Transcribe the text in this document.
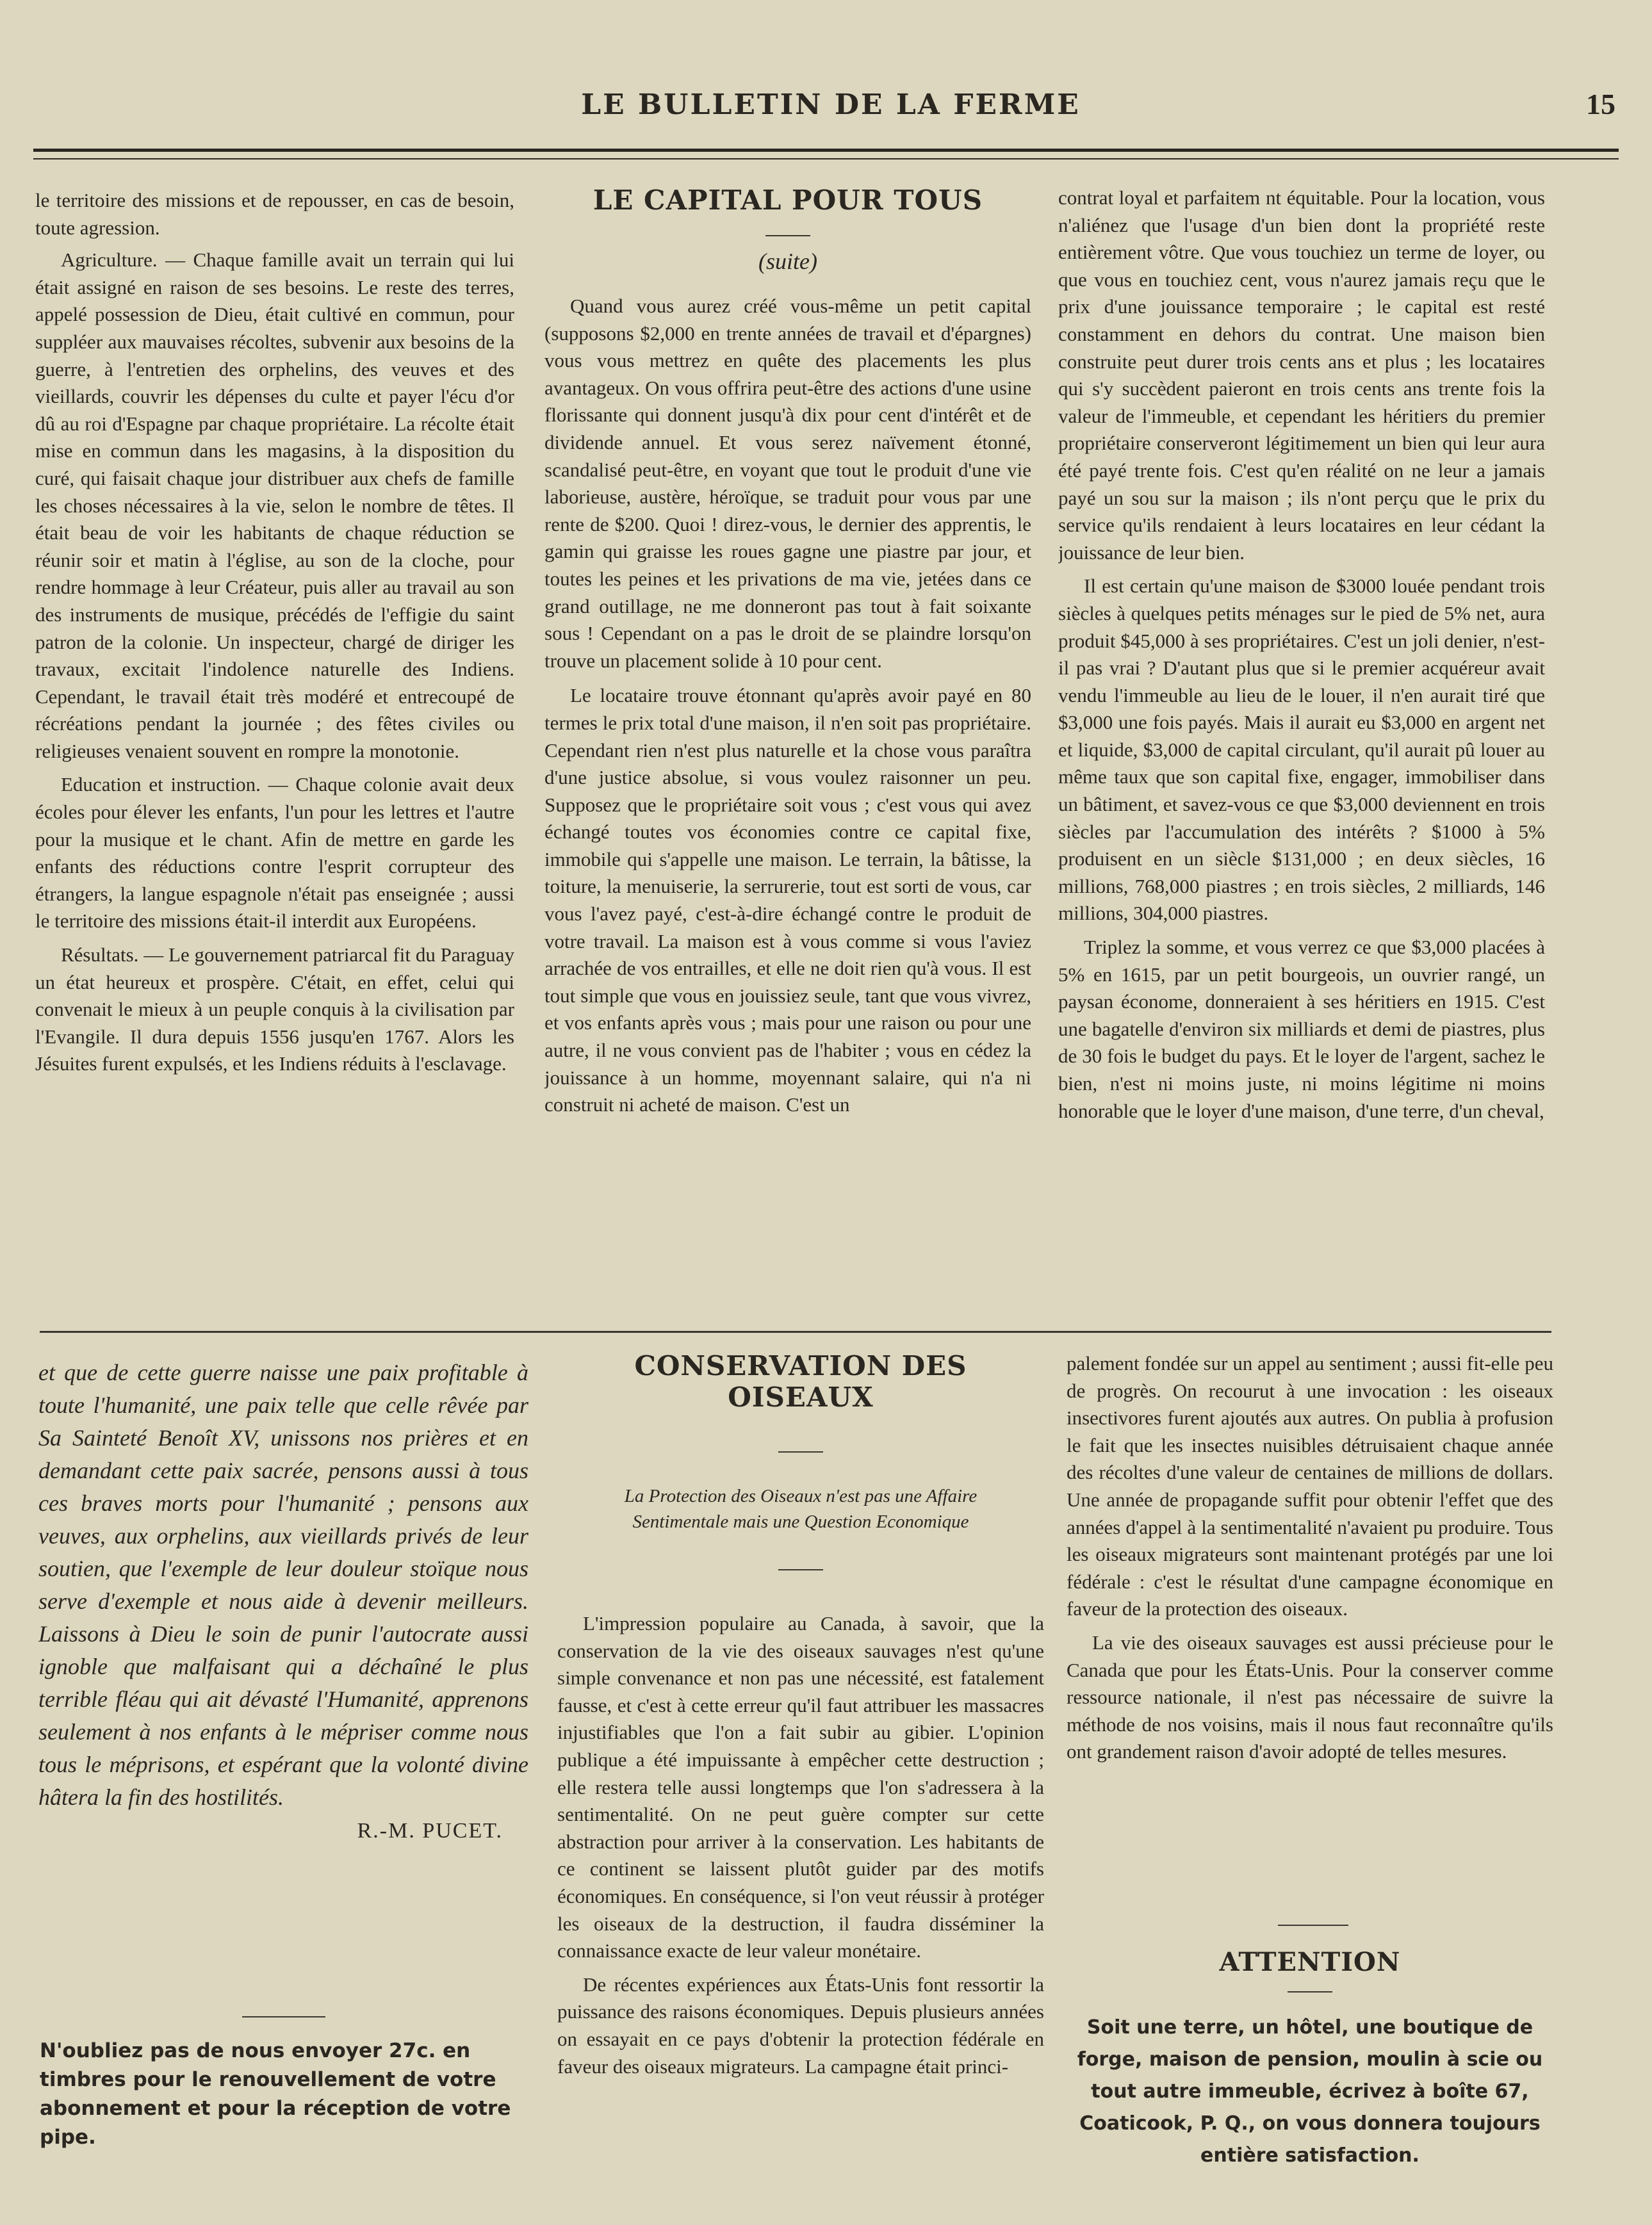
LE BULLETIN DE LA FERME	15

le territoire des missions et de repousser, en cas de besoin, toute agression.

Agriculture. — Chaque famille avait un terrain qui lui était assigné en raison de ses besoins. Le reste des terres, appelé possession de Dieu, était cultivé en commun, pour suppléer aux mauvaises récoltes, subvenir aux besoins de la guerre, à l'entretien des orphelins, des veuves et des vieillards, couvrir les dépenses du culte et payer l'écu d'or dû au roi d'Espagne par chaque propriétaire. La récolte était mise en commun dans les magasins, à la disposition du curé, qui faisait chaque jour distribuer aux chefs de famille les choses nécessaires à la vie, selon le nombre de têtes. Il était beau de voir les habitants de chaque réduction se réunir soir et matin à l'église, au son de la cloche, pour rendre hommage à leur Créateur, puis aller au travail au son des instruments de musique, précédés de l'effigie du saint patron de la colonie. Un inspecteur, chargé de diriger les travaux, excitait l'indolence naturelle des Indiens. Cependant, le travail était très modéré et entrecoupé de récréations pendant la journée ; des fêtes civiles ou religieuses venaient souvent en rompre la monotonie.

Education et instruction. — Chaque colonie avait deux écoles pour élever les enfants, l'un pour les lettres et l'autre pour la musique et le chant. Afin de mettre en garde les enfants des réductions contre l'esprit corrupteur des étrangers, la langue espagnole n'était pas enseignée ; aussi le territoire des missions était-il interdit aux Européens.

Résultats. — Le gouvernement patriarcal fit du Paraguay un état heureux et prospère. C'était, en effet, celui qui convenait le mieux à un peuple conquis à la civilisation par l'Evangile. Il dura depuis 1556 jusqu'en 1767. Alors les Jésuites furent expulsés, et les Indiens réduits à l'esclavage.

LE CAPITAL POUR TOUS
(suite)

Quand vous aurez créé vous-même un petit capital (supposons $2,000 en trente années de travail et d'épargnes) vous vous mettrez en quête des placements les plus avantageux. On vous offrira peut-être des actions d'une usine florissante qui donnent jusqu'à dix pour cent d'intérêt et de dividende annuel. Et vous serez naïvement étonné, scandalisé peut-être, en voyant que tout le produit d'une vie laborieuse, austère, héroïque, se traduit pour vous par une rente de $200. Quoi ! direz-vous, le dernier des apprentis, le gamin qui graisse les roues gagne une piastre par jour, et toutes les peines et les privations de ma vie, jetées dans ce grand outillage, ne me donneront pas tout à fait soixante sous ! Cependant on a pas le droit de se plaindre lorsqu'on trouve un placement solide à 10 pour cent.

Le locataire trouve étonnant qu'après avoir payé en 80 termes le prix total d'une maison, il n'en soit pas propriétaire. Cependant rien n'est plus naturelle et la chose vous paraîtra d'une justice absolue, si vous voulez raisonner un peu. Supposez que le propriétaire soit vous ; c'est vous qui avez échangé toutes vos économies contre ce capital fixe, immobile qui s'appelle une maison. Le terrain, la bâtisse, la toiture, la menuiserie, la serrurerie, tout est sorti de vous, car vous l'avez payé, c'est-à-dire échangé contre le produit de votre travail. La maison est à vous comme si vous l'aviez arrachée de vos entrailles, et elle ne doit rien qu'à vous. Il est tout simple que vous en jouissiez seule, tant que vous vivrez, et vos enfants après vous ; mais pour une raison ou pour une autre, il ne vous convient pas de l'habiter ; vous en cédez la jouissance à un homme, moyennant salaire, qui n'a ni construit ni acheté de maison. C'est un

contrat loyal et parfaitem nt équitable. Pour la location, vous n'aliénez que l'usage d'un bien dont la propriété reste entièrement vôtre. Que vous touchiez un terme de loyer, ou que vous en touchiez cent, vous n'aurez jamais reçu que le prix d'une jouissance temporaire ; le capital est resté constamment en dehors du contrat. Une maison bien construite peut durer trois cents ans et plus ; les locataires qui s'y succèdent paieront en trois cents ans trente fois la valeur de l'immeuble, et cependant les héritiers du premier propriétaire conserveront légitimement un bien qui leur aura été payé trente fois. C'est qu'en réalité on ne leur a jamais payé un sou sur la maison ; ils n'ont perçu que le prix du service qu'ils rendaient à leurs locataires en leur cédant la jouissance de leur bien.

Il est certain qu'une maison de $3000 louée pendant trois siècles à quelques petits ménages sur le pied de 5% net, aura produit $45,000 à ses propriétaires. C'est un joli denier, n'est-il pas vrai ? D'autant plus que si le premier acquéreur avait vendu l'immeuble au lieu de le louer, il n'en aurait tiré que $3,000 une fois payés. Mais il aurait eu $3,000 en argent net et liquide, $3,000 de capital circulant, qu'il aurait pû louer au même taux que son capital fixe, engager, immobiliser dans un bâtiment, et savez-vous ce que $3,000 deviennent en trois siècles par l'accumulation des intérêts ? $1000 à 5% produisent en un siècle $131,000 ; en deux siècles, 16 millions, 768,000 piastres ; en trois siècles, 2 milliards, 146 millions, 304,000 piastres.

Triplez la somme, et vous verrez ce que $3,000 placées à 5% en 1615, par un petit bourgeois, un ouvrier rangé, un paysan économe, donneraient à ses héritiers en 1915. C'est une bagatelle d'environ six milliards et demi de piastres, plus de 30 fois le budget du pays. Et le loyer de l'argent, sachez le bien, n'est ni moins juste, ni moins légitime ni moins honorable que le loyer d'une maison, d'une terre, d'un cheval,

et que de cette guerre naisse une paix profitable à toute l'humanité, une paix telle que celle rêvée par Sa Sainteté Benoît XV, unissons nos prières et en demandant cette paix sacrée, pensons aussi à tous ces braves morts pour l'humanité ; pensons aux veuves, aux orphelins, aux vieillards privés de leur soutien, que l'exemple de leur douleur stoïque nous serve d'exemple et nous aide à devenir meilleurs. Laissons à Dieu le soin de punir l'autocrate aussi ignoble que malfaisant qui a déchaîné le plus terrible fléau qui ait dévasté l'Humanité, apprenons seulement à nos enfants à le mépriser comme nous tous le méprisons, et espérant que la volonté divine hâtera la fin des hostilités.

R.-M. PUCET.
N'oubliez pas de nous envoyer 27c. en timbres pour le renouvellement de votre abonnement et pour la réception de votre pipe.
CONSERVATION DES OISEAUX
La Protection des Oiseaux n'est pas une Affaire
Sentimentale mais une Question Economique

L'impression populaire au Canada, à savoir, que la conservation de la vie des oiseaux sauvages n'est qu'une simple convenance et non pas une nécessité, est fatalement fausse, et c'est à cette erreur qu'il faut attribuer les massacres injustifiables que l'on a fait subir au gibier. L'opinion publique a été impuissante à empêcher cette destruction ; elle restera telle aussi longtemps que l'on s'adressera à la sentimentalité. On ne peut guère compter sur cette abstraction pour arriver à la conservation. Les habitants de ce continent se laissent plutôt guider par des motifs économiques. En conséquence, si l'on veut réussir à protéger les oiseaux de la destruction, il faudra disséminer la connaissance exacte de leur valeur monétaire.

De récentes expériences aux États-Unis font ressortir la puissance des raisons économiques. Depuis plusieurs années on essayait en ce pays d'obtenir la protection fédérale en faveur des oiseaux migrateurs. La campagne était princi-

palement fondée sur un appel au sentiment ; aussi fit-elle peu de progrès. On recourut à une invocation : les oiseaux insectivores furent ajoutés aux autres. On publia à profusion le fait que les insectes nuisibles détruisaient chaque année des récoltes d'une valeur de centaines de millions de dollars. Une année de propagande suffit pour obtenir l'effet que des années d'appel à la sentimentalité n'avaient pu produire. Tous les oiseaux migrateurs sont maintenant protégés par une loi fédérale : c'est le résultat d'une campagne économique en faveur de la protection des oiseaux.

La vie des oiseaux sauvages est aussi précieuse pour le Canada que pour les États-Unis. Pour la conserver comme ressource nationale, il n'est pas nécessaire de suivre la méthode de nos voisins, mais il nous faut reconnaître qu'ils ont grandement raison d'avoir adopté de telles mesures.

ATTENTION
Soit une terre, un hôtel, une boutique de forge, maison de pension, moulin à scie ou tout autre immeuble, écrivez à boîte 67, Coaticook, P. Q., on vous donnera toujours entière satisfaction.
